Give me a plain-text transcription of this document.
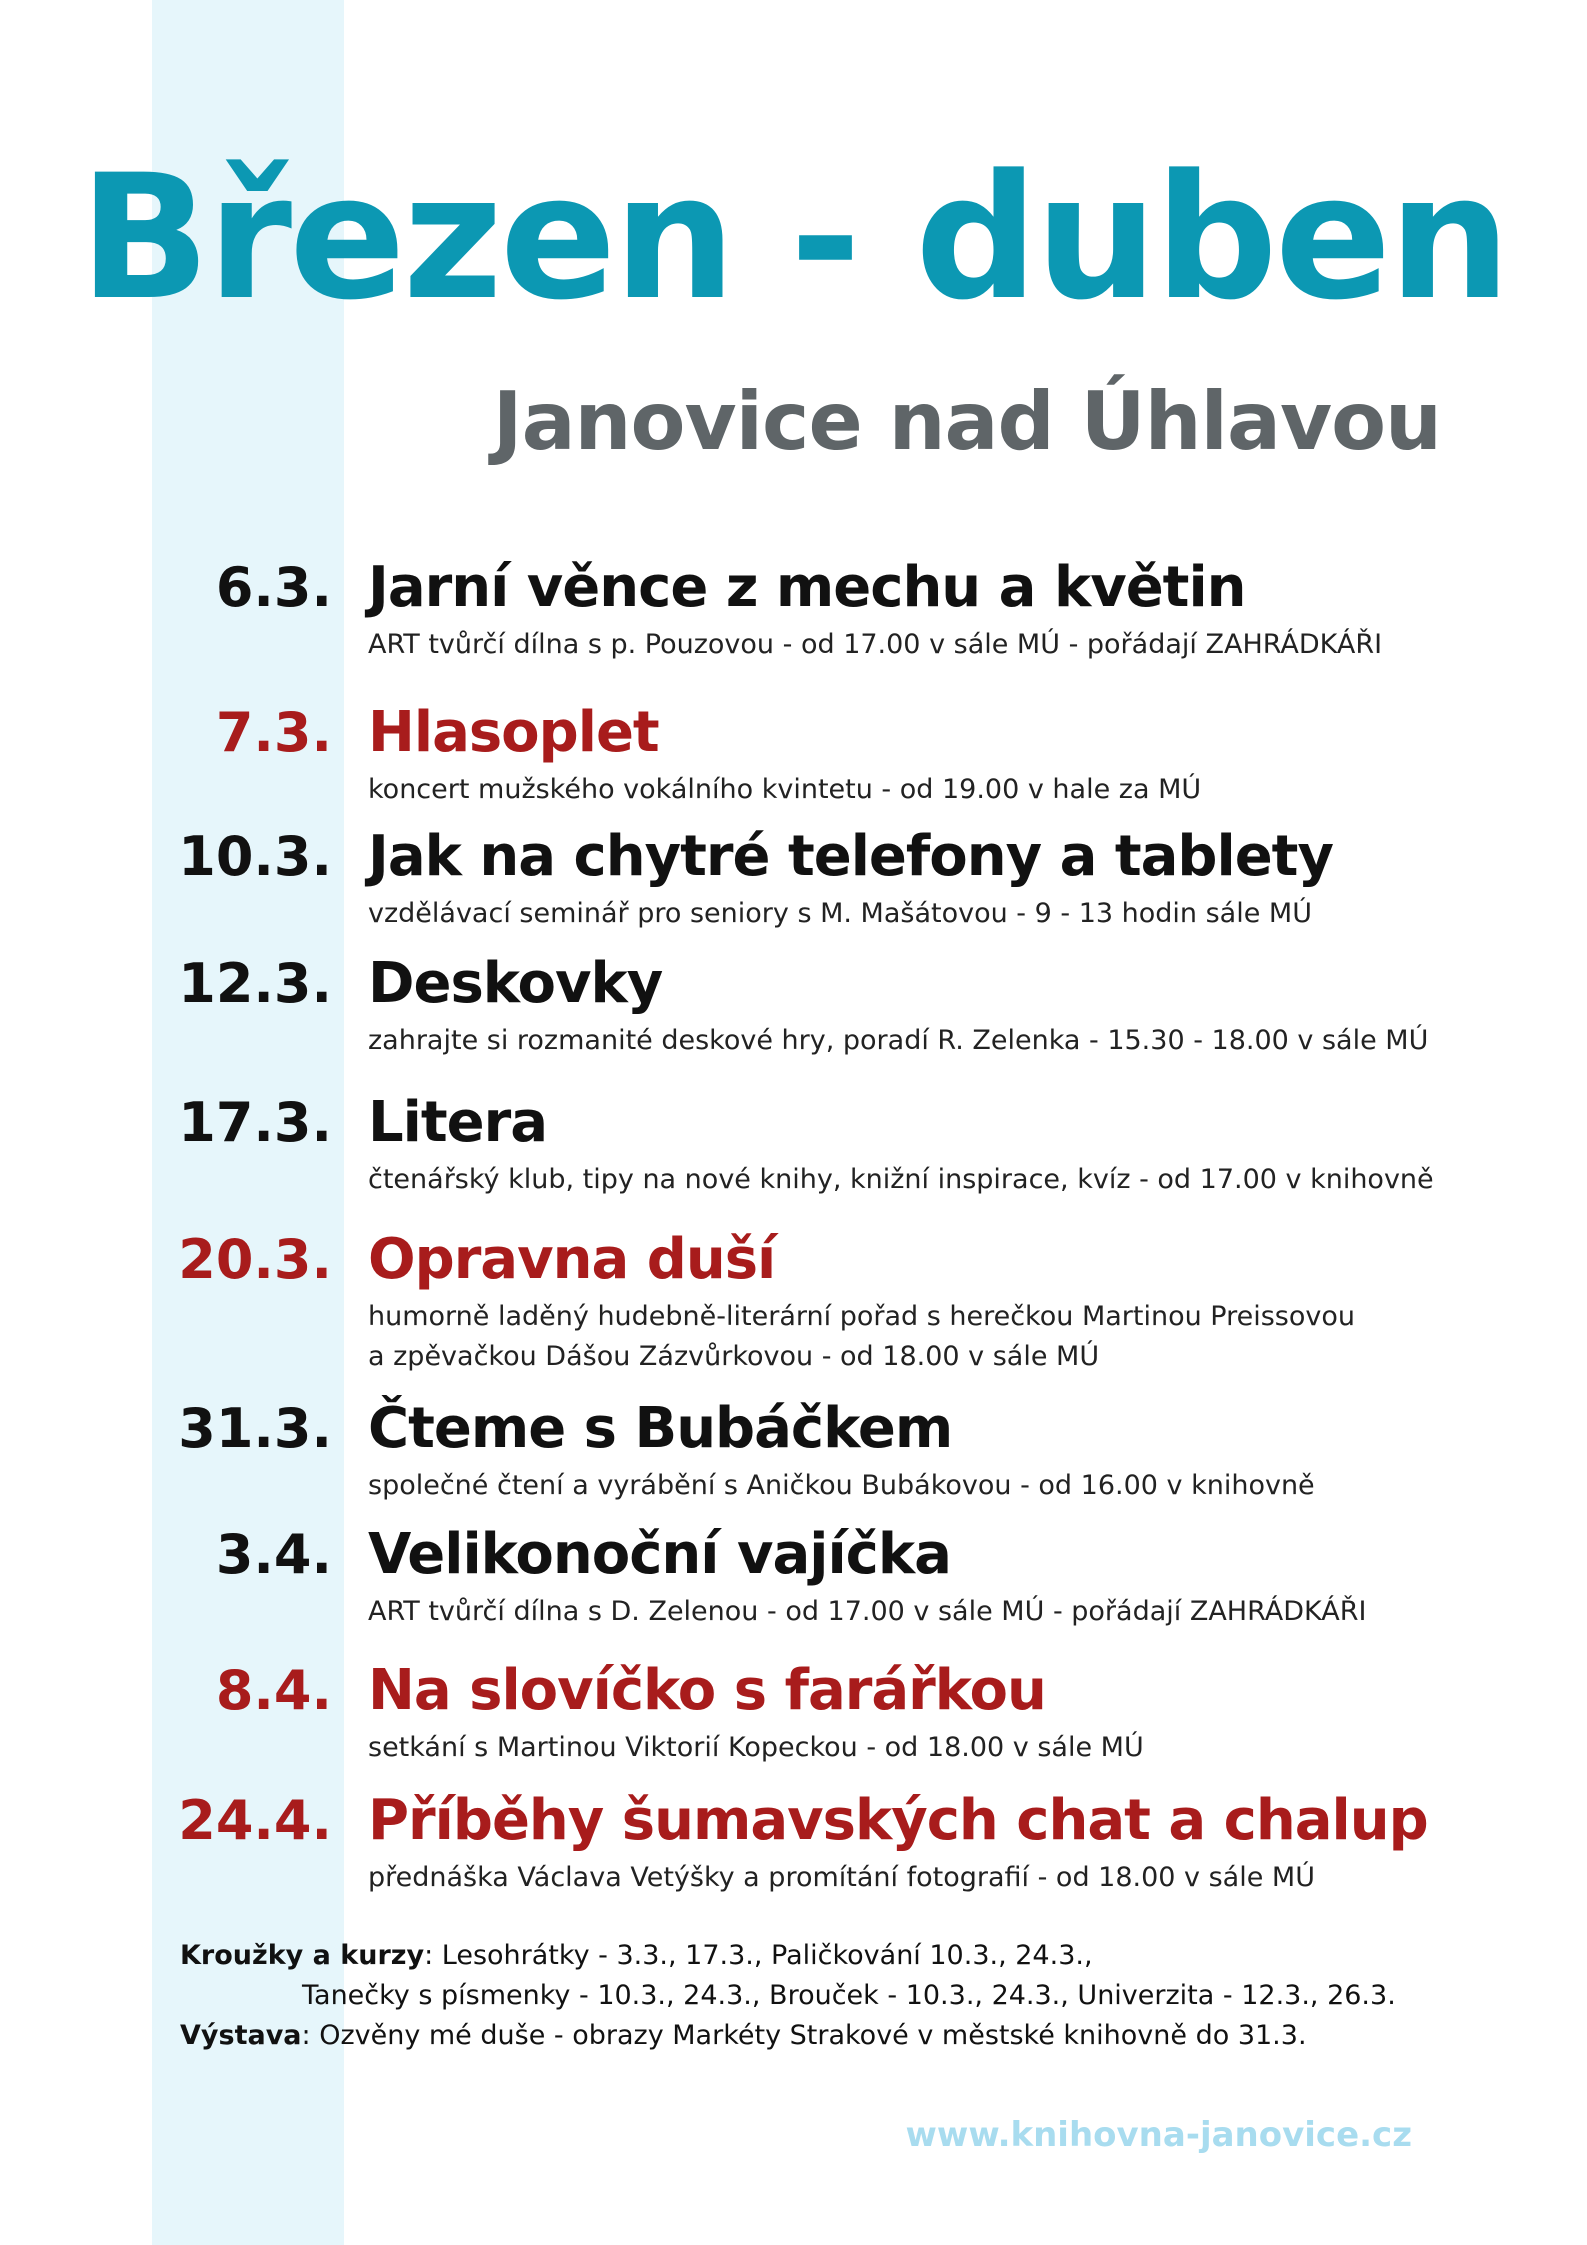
Březen - duben
Janovice nad Úhlavou
6.3. Jarní věnce z mechu a květin
ART tvůrčí dílna s p. Pouzovou - od 17.00 v sále MÚ - pořádají ZAHRÁDKÁŘI
7.3. Hlasoplet
koncert mužského vokálního kvintetu - od 19.00 v hale za MÚ
10.3. Jak na chytré telefony a tablety
vzdělávací seminář pro seniory s M. Mašátovou - 9 - 13 hodin sále MÚ
12.3. Deskovky
zahrajte si rozmanité deskové hry, poradí R. Zelenka - 15.30 - 18.00 v sále MÚ
17.3. Litera
čtenářský klub, tipy na nové knihy, knižní inspirace, kvíz - od 17.00 v knihovně
20.3. Opravna duší
humorně laděný hudebně-literární pořad s herečkou Martinou Preissovou
a zpěvačkou Dášou Zázvůrkovou - od 18.00 v sále MÚ
31.3. Čteme s Bubáčkem
společné čtení a vyrábění s Aničkou Bubákovou - od 16.00 v knihovně
3.4. Velikonoční vajíčka
ART tvůrčí dílna s D. Zelenou - od 17.00 v sále MÚ - pořádají ZAHRÁDKÁŘI
8.4. Na slovíčko s farářkou
setkání s Martinou Viktorií Kopeckou - od 18.00 v sále MÚ
24.4. Příběhy šumavských chat a chalup
přednáška Václava Vetýšky a promítání fotografií - od 18.00 v sále MÚ
Kroužky a kurzy: Lesohrátky - 3.3., 17.3., Paličkování 10.3., 24.3.,
Tanečky s písmenky - 10.3., 24.3., Brouček - 10.3., 24.3., Univerzita - 12.3., 26.3.
Výstava: Ozvěny mé duše - obrazy Markéty Strakové v městské knihovně do 31.3.
www.knihovna-janovice.cz
